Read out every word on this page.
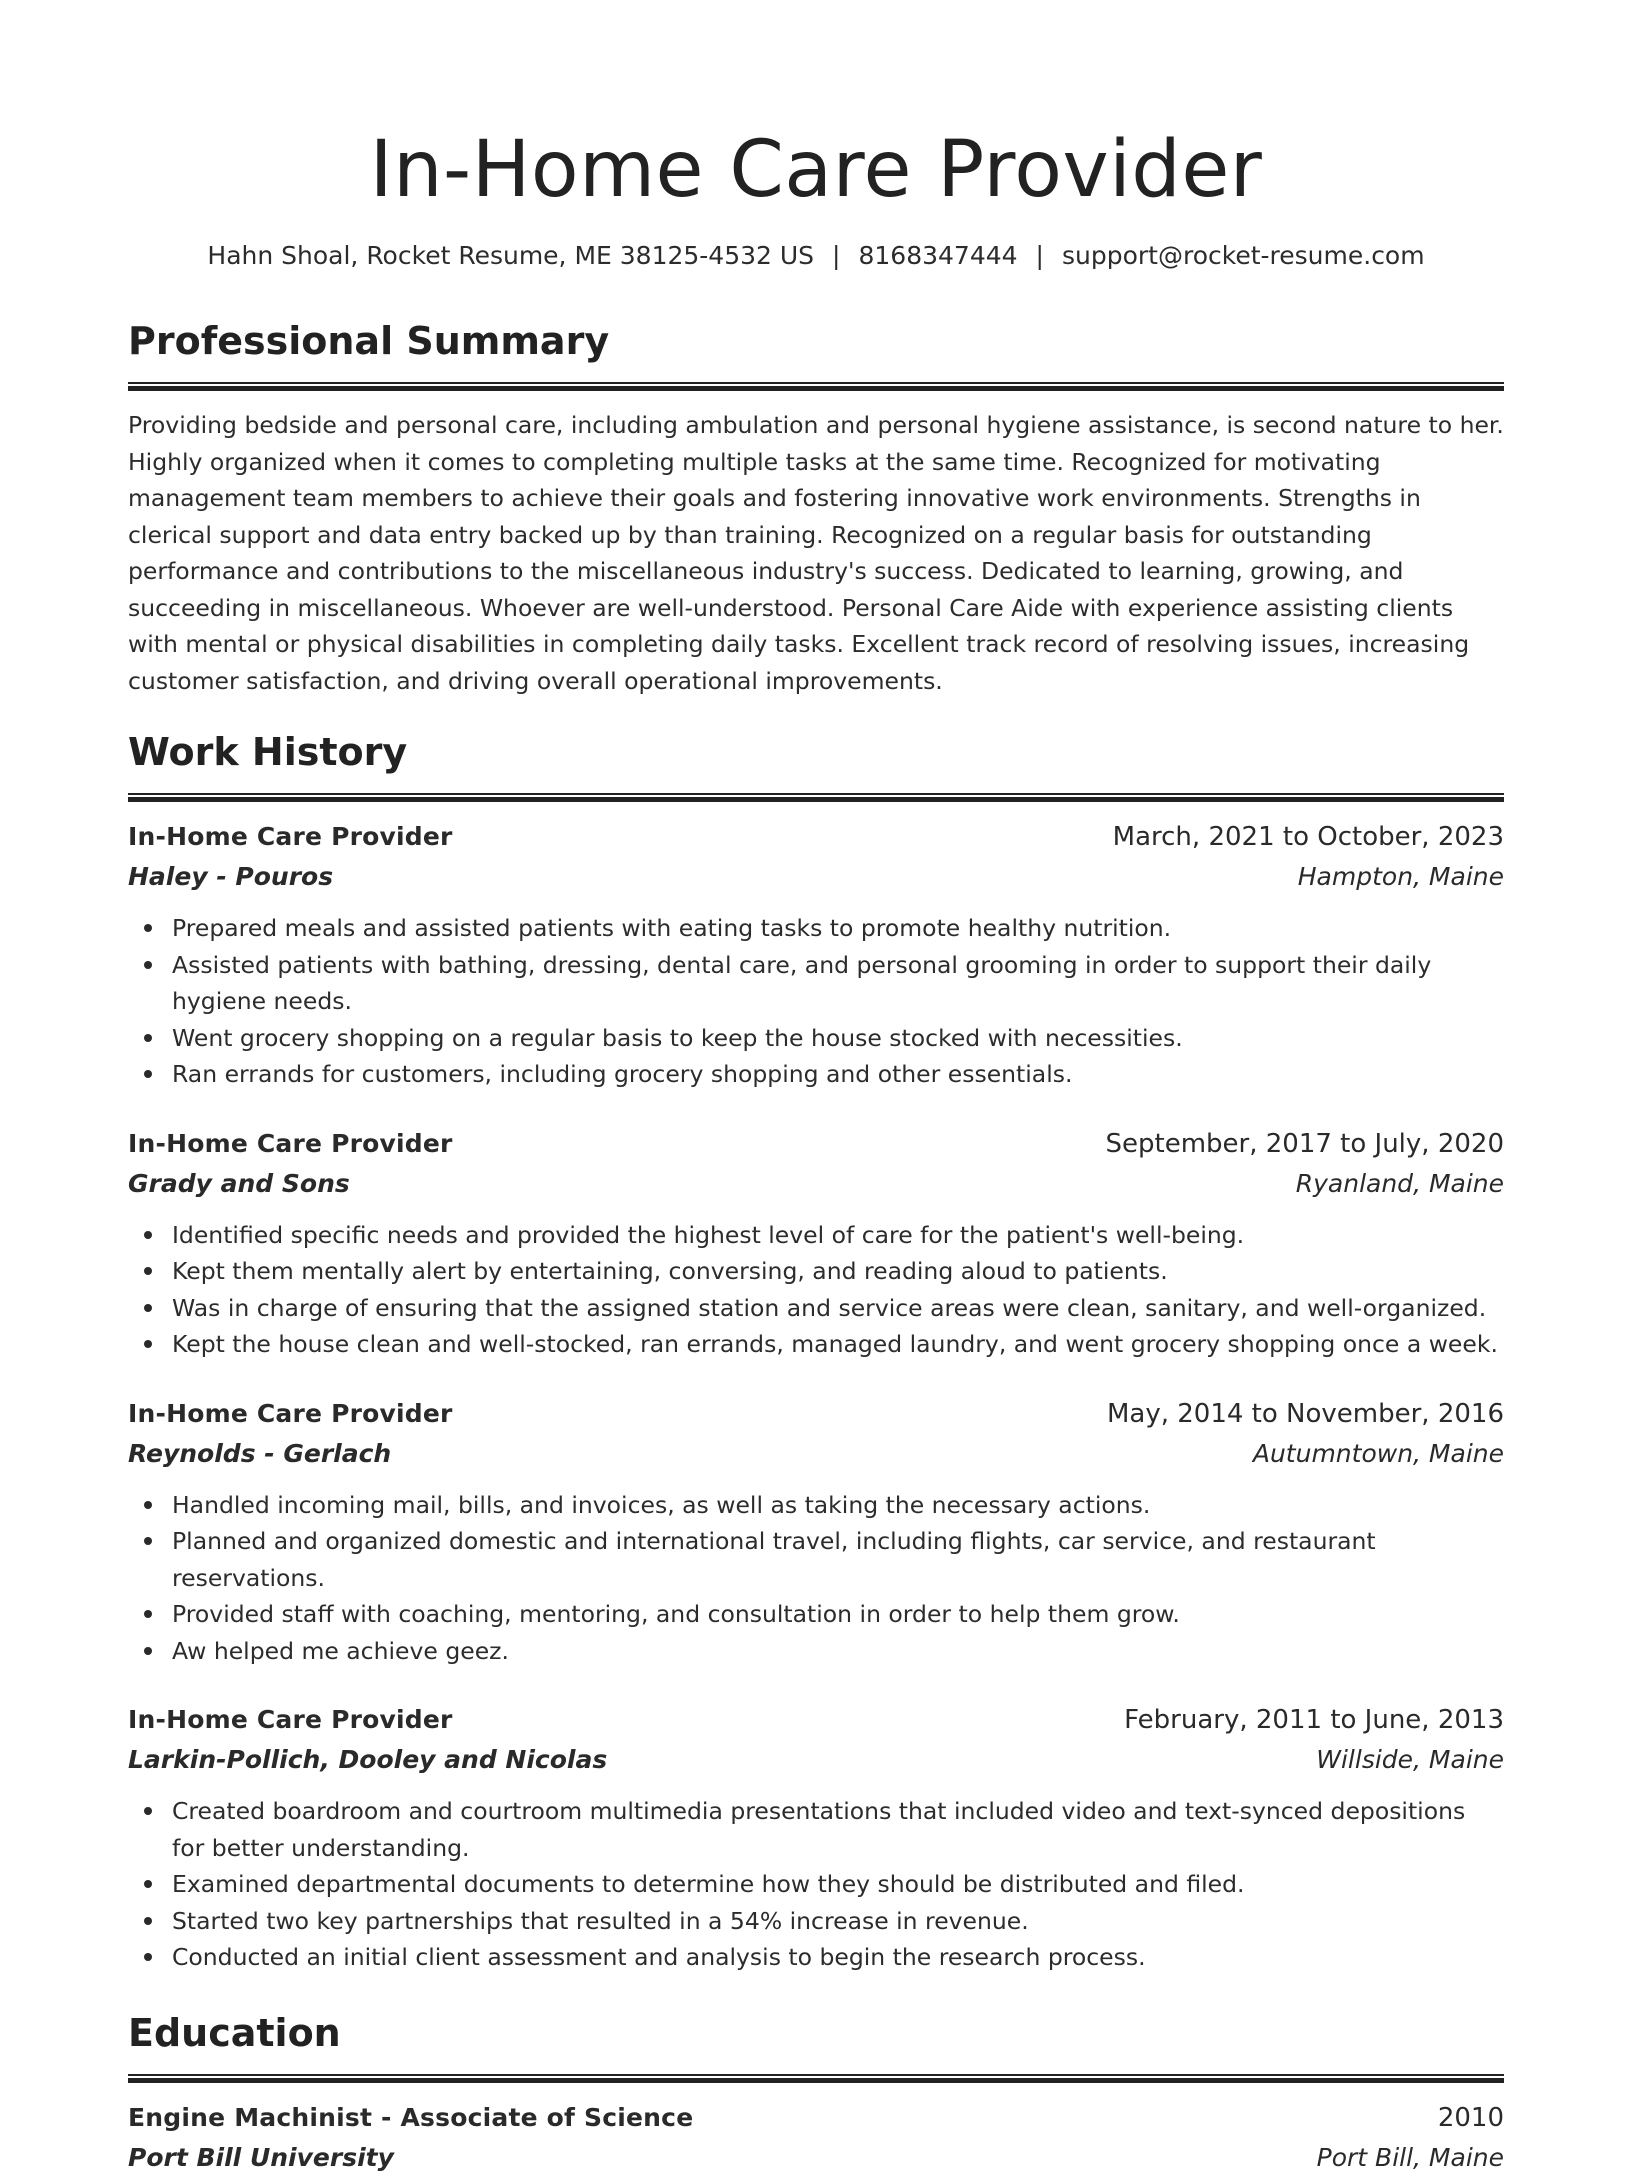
In-Home Care Provider
Hahn Shoal, Rocket Resume, ME 38125-4532 US | 8168347444 | support@rocket-resume.com
Professional Summary

Providing bedside and personal care, including ambulation and personal hygiene assistance, is second nature to her. Highly organized when it comes to completing multiple tasks at the same time. Recognized for motivating management team members to achieve their goals and fostering innovative work environments. Strengths in clerical support and data entry backed up by than training. Recognized on a regular basis for outstanding performance and contributions to the miscellaneous industry's success. Dedicated to learning, growing, and succeeding in miscellaneous. Whoever are well-understood. Personal Care Aide with experience assisting clients with mental or physical disabilities in completing daily tasks. Excellent track record of resolving issues, increasing customer satisfaction, and driving overall operational improvements.

Work History
In-Home Care Provider	March, 2021 to October, 2023
Haley - Pouros	Hampton, Maine
Prepared meals and assisted patients with eating tasks to promote healthy nutrition.
Assisted patients with bathing, dressing, dental care, and personal grooming in order to support their daily hygiene needs.
Went grocery shopping on a regular basis to keep the house stocked with necessities.
Ran errands for customers, including grocery shopping and other essentials.
In-Home Care Provider	September, 2017 to July, 2020
Grady and Sons	Ryanland, Maine
Identified specific needs and provided the highest level of care for the patient's well-being.
Kept them mentally alert by entertaining, conversing, and reading aloud to patients.
Was in charge of ensuring that the assigned station and service areas were clean, sanitary, and well-organized.
Kept the house clean and well-stocked, ran errands, managed laundry, and went grocery shopping once a week.
In-Home Care Provider	May, 2014 to November, 2016
Reynolds - Gerlach	Autumntown, Maine
Handled incoming mail, bills, and invoices, as well as taking the necessary actions.
Planned and organized domestic and international travel, including flights, car service, and restaurant reservations.
Provided staff with coaching, mentoring, and consultation in order to help them grow.
Aw helped me achieve geez.
In-Home Care Provider	February, 2011 to June, 2013
Larkin-Pollich, Dooley and Nicolas	Willside, Maine
Created boardroom and courtroom multimedia presentations that included video and text-synced depositions for better understanding.
Examined departmental documents to determine how they should be distributed and filed.
Started two key partnerships that resulted in a 54% increase in revenue.
Conducted an initial client assessment and analysis to begin the research process.
Education
Engine Machinist - Associate of Science	2010
Port Bill University	Port Bill, Maine
